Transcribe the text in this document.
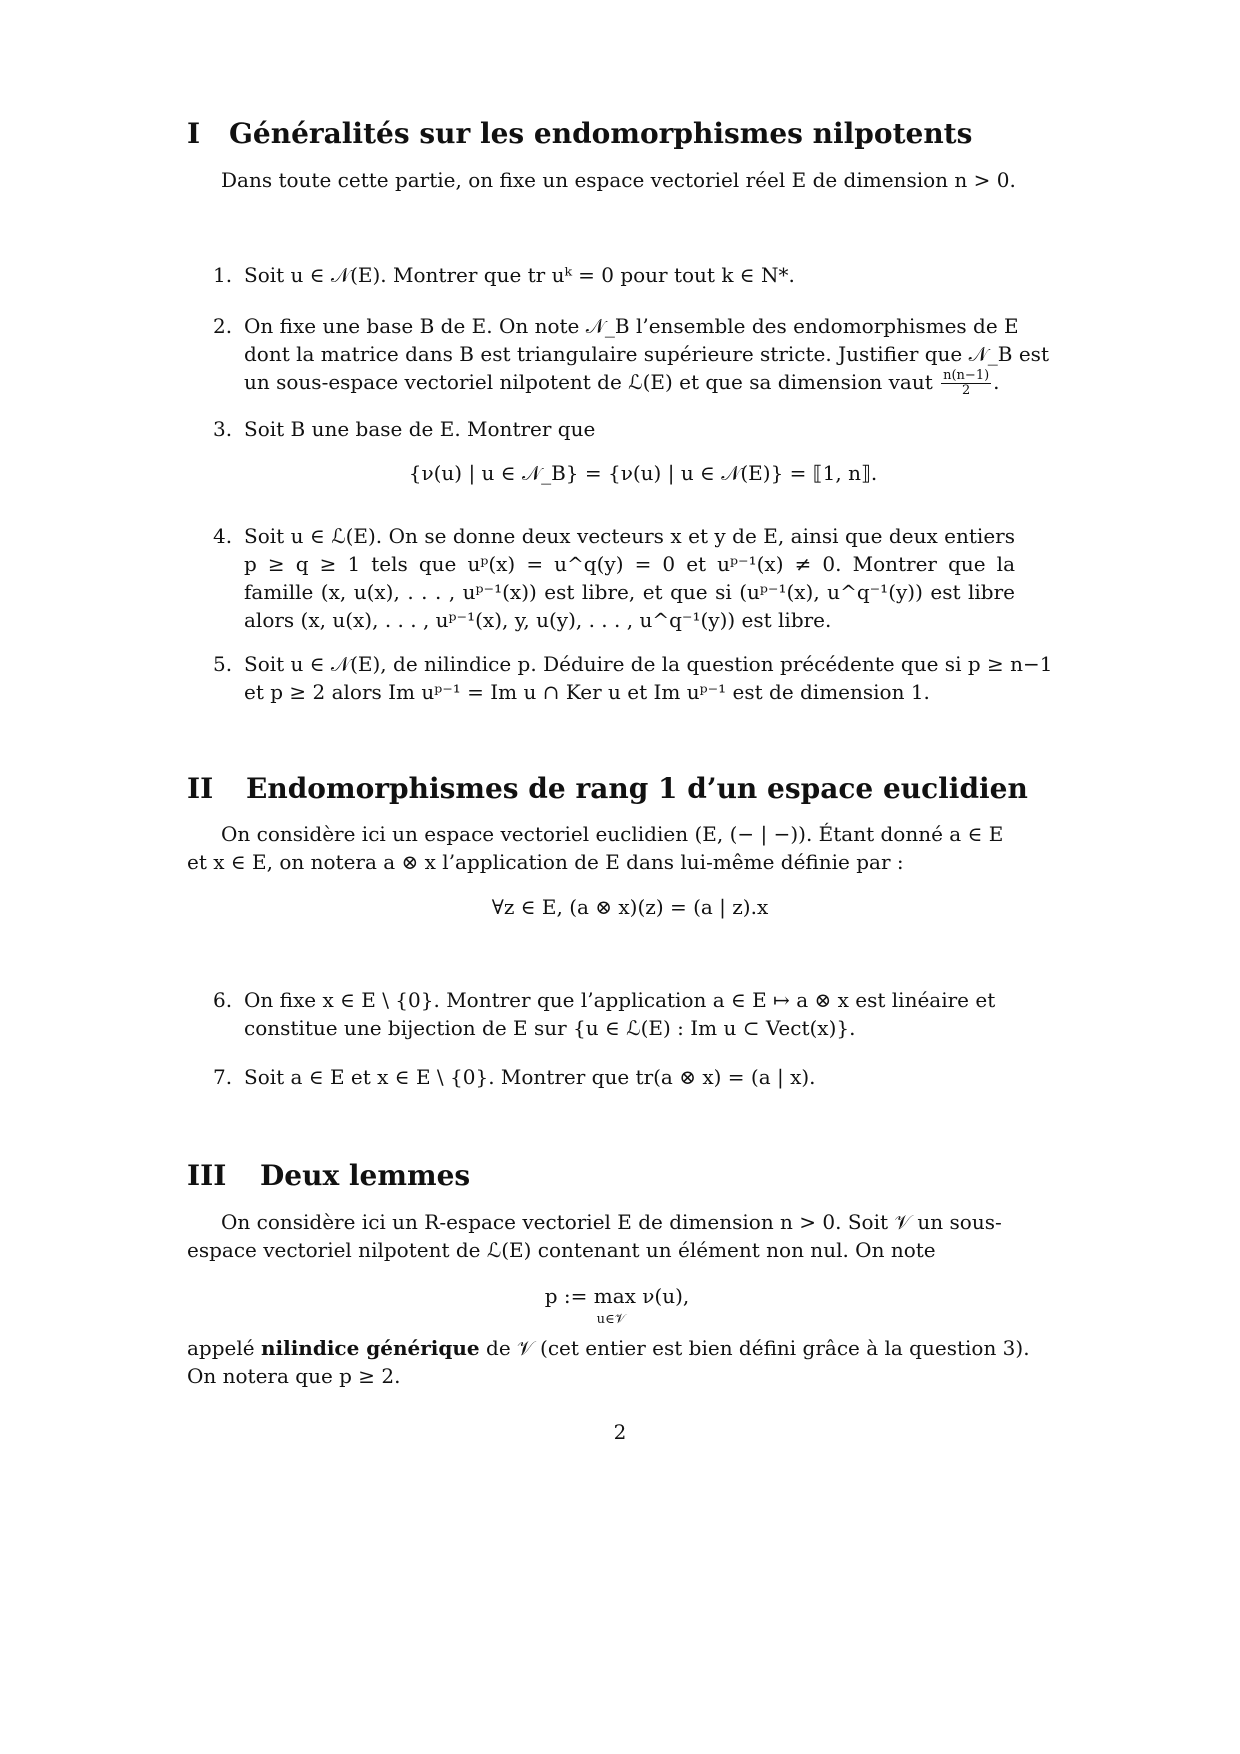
I Généralités sur les endomorphismes nilpotents
Dans toute cette partie, on fixe un espace vectoriel réel E de dimension n > 0.
1. Soit u ∈ 𝒩(E). Montrer que tr uᵏ = 0 pour tout k ∈ N*.
2. On fixe une base B de E. On note 𝒩_B l’ensemble des endomorphismes de E
dont la matrice dans B est triangulaire supérieure stricte. Justifier que 𝒩_B est
un sous-espace vectoriel nilpotent de ℒ(E) et que sa dimension vaut $\frac{n(n-1)}{2}$ .
3. Soit B une base de E. Montrer que
{ν(u) | u ∈ 𝒩_B} = {ν(u) | u ∈ 𝒩(E)} = ⟦1, n⟧.
4. Soit u ∈ ℒ(E). On se donne deux vecteurs x et y de E, ainsi que deux entiers
p ≥ q ≥ 1 tels que uᵖ(x) = u^q(y) = 0 et uᵖ⁻¹(x) ≠ 0. Montrer que la
famille (x, u(x), . . . , uᵖ⁻¹(x)) est libre, et que si (uᵖ⁻¹(x), u^q⁻¹(y)) est libre
alors (x, u(x), . . . , uᵖ⁻¹(x), y, u(y), . . . , u^q⁻¹(y)) est libre.
5. Soit u ∈ 𝒩(E), de nilindice p. Déduire de la question précédente que si p ≥ n−1
et p ≥ 2 alors Im uᵖ⁻¹ = Im u ∩ Ker u et Im uᵖ⁻¹ est de dimension 1.
II Endomorphismes de rang 1 d’un espace euclidien
On considère ici un espace vectoriel euclidien (E, (− | −)). Étant donné a ∈ E
et x ∈ E, on notera a ⊗ x l’application de E dans lui-même définie par :
∀z ∈ E, (a ⊗ x)(z) = (a | z).x
6. On fixe x ∈ E \ {0}. Montrer que l’application a ∈ E ↦ a ⊗ x est linéaire et
constitue une bijection de E sur {u ∈ ℒ(E) : Im u ⊂ Vect(x)}.
7. Soit a ∈ E et x ∈ E \ {0}. Montrer que tr(a ⊗ x) = (a | x).
III Deux lemmes
On considère ici un R-espace vectoriel E de dimension n > 0. Soit 𝒱 un sous-
espace vectoriel nilpotent de ℒ(E) contenant un élément non nul. On note
p := max ν(u),
u∈𝒱
appelé nilindice générique de 𝒱 (cet entier est bien défini grâce à la question 3).
On notera que p ≥ 2.
2
